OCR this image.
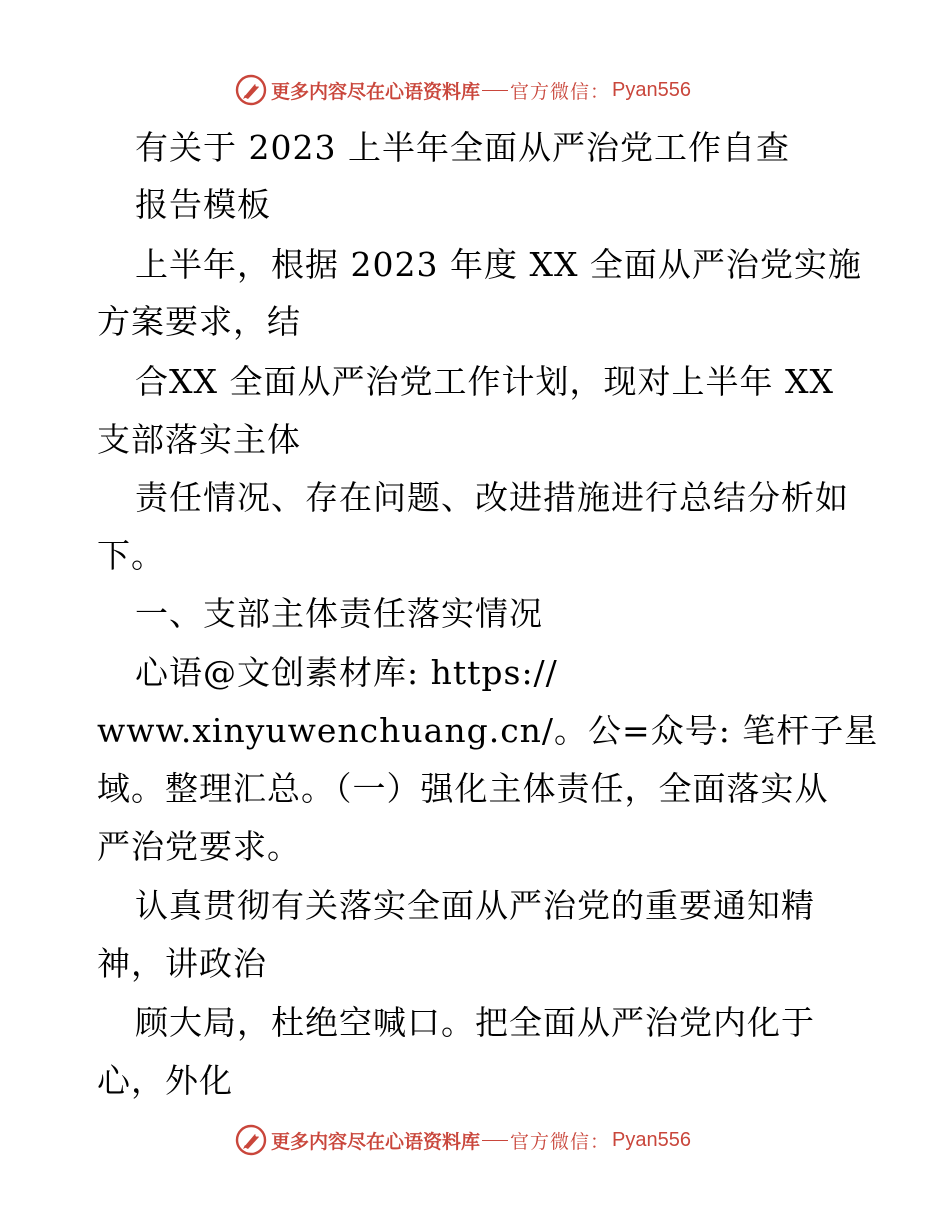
更多内容尽在心语资料库 官方微信： Pyan556
有关于 2023 上半年全面从严治党工作自查
报告模板
上半年，根据 2023 年度 XX 全面从严治党实施
方案要求，结
合XX 全面从严治党工作计划，现对上半年 XX
支部落实主体
责任情况、存在问题、改进措施进行总结分析如
下。
一、支部主体责任落实情况
心语@文创素材库: https://
www.xinyuwenchuang.cn/。公=众号: 笔杆子星
域。整理汇总。（一）强化主体责任，全面落实从
严治党要求。
认真贯彻有关落实全面从严治党的重要通知精
神，讲政治
顾大局，杜绝空喊口。把全面从严治党内化于
心，外化
更多内容尽在心语资料库 官方微信： Pyan556
